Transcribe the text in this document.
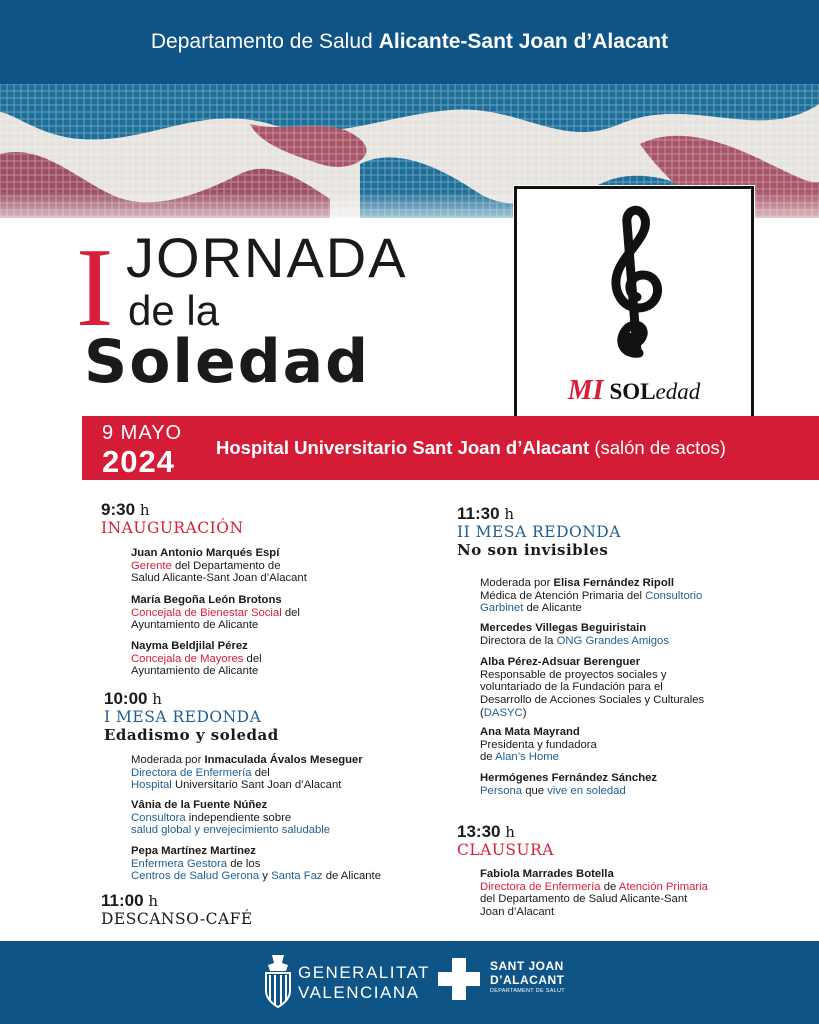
Departamento de Salud Alicante-Sant Joan d’Alacant
I JORNADA
de la
Soledad	MI SOLedad
9 MAYO
2024 Hospital Universitario Sant Joan d’Alacant (salón de actos)
9:30 h
INAUGURACIÓN
Juan Antonio Marqués Espí
Gerente del Departamento de
Salud Alicante-Sant Joan d’Alacant
María Begoña León Brotons
Concejala de Bienestar Social del
Ayuntamiento de Alicante
Nayma Beldjilal Pérez
Concejala de Mayores del
Ayuntamiento de Alicante
10:00 h
I MESA REDONDA
Edadismo y soledad
Moderada por Inmaculada Ávalos Meseguer
Directora de Enfermería del
Hospital Universitario Sant Joan d’Alacant
Vânia de la Fuente Núñez
Consultora independiente sobre
salud global y envejecimiento saludable
Pepa Martínez Martínez
Enfermera Gestora de los
Centros de Salud Gerona y Santa Faz de Alicante
11:00 h
DESCANSO-CAFÉ
11:30 h
II MESA REDONDA
No son invisibles
Moderada por Elisa Fernández Ripoll
Médica de Atención Primaria del Consultorio
Garbinet de Alicante
Mercedes Villegas Beguiristain
Directora de la ONG Grandes Amigos
Alba Pérez-Adsuar Berenguer
Responsable de proyectos sociales y
voluntariado de la Fundación para el
Desarrollo de Acciones Sociales y Culturales
(DASYC)
Ana Mata Mayrand
Presidenta y fundadora
de Alan’s Home
Hermógenes Fernández Sánchez
Persona que vive en soledad
13:30 h
CLAUSURA
Fabiola Marrades Botella
Directora de Enfermería de Atención Primaria
del Departamento de Salud Alicante-Sant
Joan d’Alacant
GENERALITAT
VALENCIANA
SANT JOAN
D’ALACANT
DEPARTAMENT DE SALUT
